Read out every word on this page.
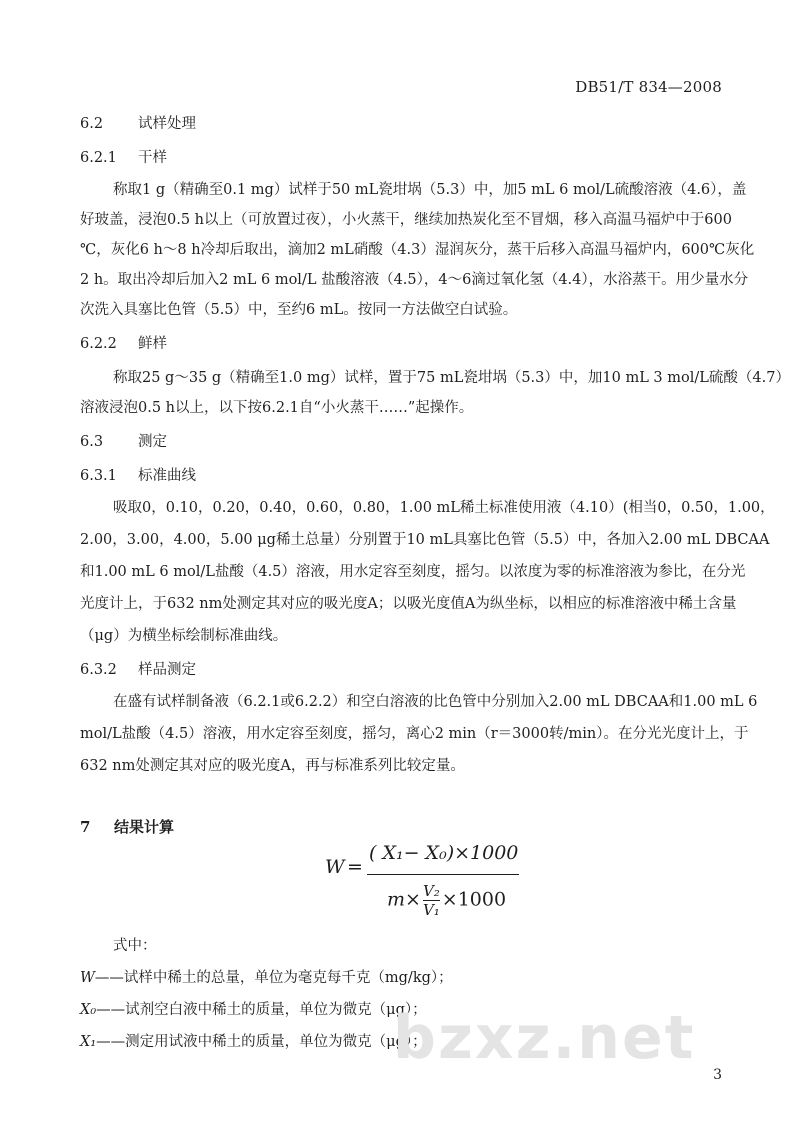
DB51/T 834—2008
6.2 试样处理
6.2.1 干样
称取1 g（精确至0.1 mg）试样于50 mL瓷坩埚（5.3）中，加5 mL 6 mol/L硫酸溶液（4.6），盖
好玻盖，浸泡0.5 h以上（可放置过夜），小火蒸干，继续加热炭化至不冒烟，移入高温马福炉中于600
℃，灰化6 h～8 h冷却后取出，滴加2 mL硝酸（4.3）湿润灰分，蒸干后移入高温马福炉内，600℃灰化
2 h。取出冷却后加入2 mL 6 mol/L 盐酸溶液（4.5），4～6滴过氧化氢（4.4），水浴蒸干。用少量水分
次洗入具塞比色管（5.5）中，至约6 mL。按同一方法做空白试验。
6.2.2 鲜样
称取25 g～35 g（精确至1.0 mg）试样，置于75 mL瓷坩埚（5.3）中，加10 mL 3 mol/L硫酸（4.7）
溶液浸泡0.5 h以上，以下按6.2.1自“小火蒸干……”起操作。
6.3 测定
6.3.1 标准曲线
吸取0，0.10，0.20，0.40，0.60，0.80，1.00 mL稀土标准使用液（4.10）(相当0，0.50，1.00，
2.00，3.00，4.00，5.00 μg稀土总量）分别置于10 mL具塞比色管（5.5）中，各加入2.00 mL DBCAA
和1.00 mL 6 mol/L盐酸（4.5）溶液，用水定容至刻度，摇匀。以浓度为零的标准溶液为参比，在分光
光度计上，于632 nm处测定其对应的吸光度A；以吸光度值A为纵坐标，以相应的标准溶液中稀土含量
（μg）为横坐标绘制标准曲线。
6.3.2 样品测定
在盛有试样制备液（6.2.1或6.2.2）和空白溶液的比色管中分别加入2.00 mL DBCAA和1.00 mL 6
mol/L盐酸（4.5）溶液，用水定容至刻度，摇匀，离心2 min（r＝3000转/min）。在分光光度计上，于
632 nm处测定其对应的吸光度A，再与标准系列比较定量。
7 结果计算
W =
( X₁− X₀)×1000
$m\times \frac{\text{V₂}}{\text{V₁}} \times 1000$
式中：
W——试样中稀土的总量，单位为毫克每千克（mg/kg）；
X₀——试剂空白液中稀土的质量，单位为微克（μg）；
X₁——测定用试液中稀土的质量，单位为微克（μg）；
bzxz.net
3
